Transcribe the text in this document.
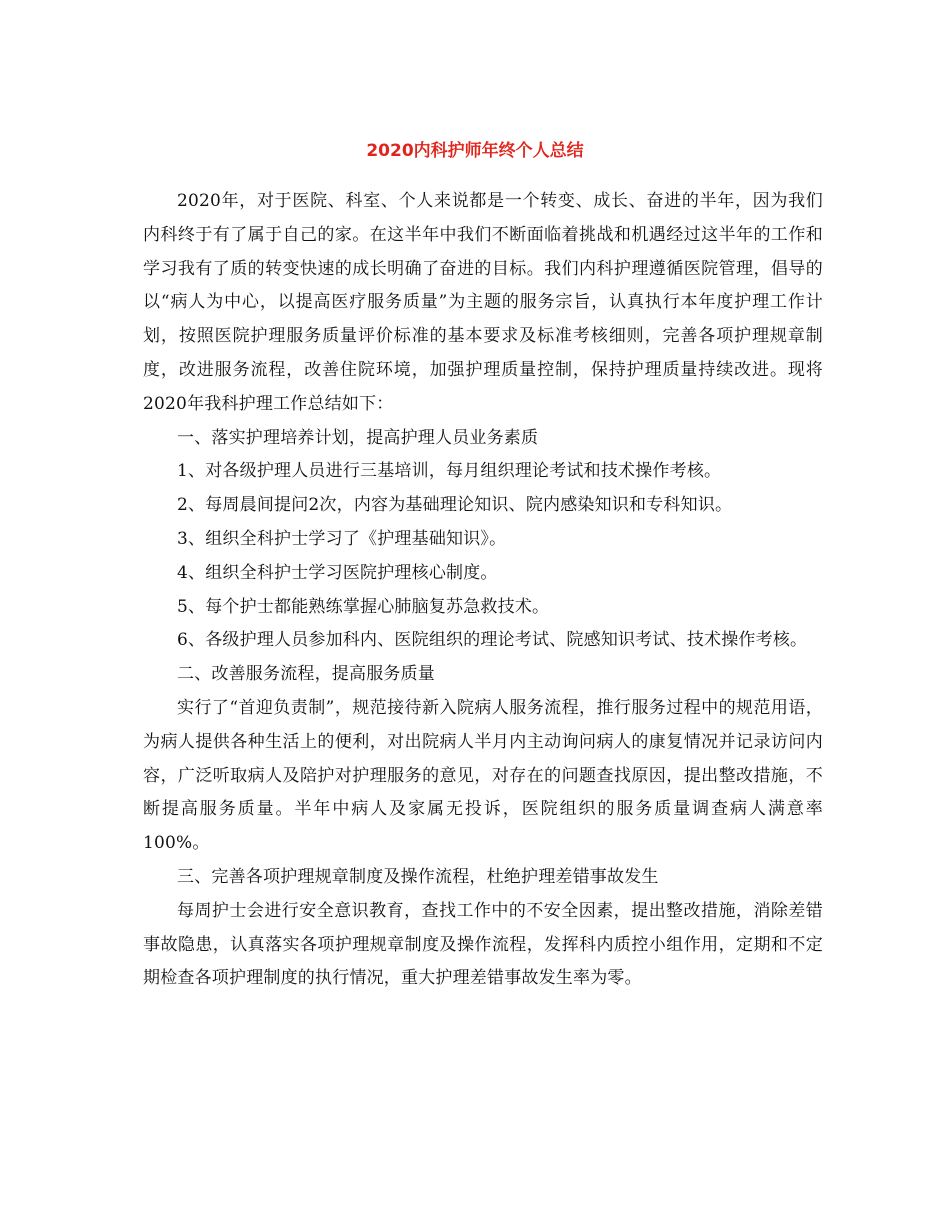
2020内科护师年终个人总结

2020年，对于医院、科室、个人来说都是一个转变、成长、奋进的半年，因为我们内科终于有了属于自己的家。在这半年中我们不断面临着挑战和机遇经过这半年的工作和学习我有了质的转变快速的成长明确了奋进的目标。我们内科护理遵循医院管理，倡导的以“病人为中心，以提高医疗服务质量”为主题的服务宗旨，认真执行本年度护理工作计划，按照医院护理服务质量评价标准的基本要求及标准考核细则，完善各项护理规章制度，改进服务流程，改善住院环境，加强护理质量控制，保持护理质量持续改进。现将2020年我科护理工作总结如下：

一、落实护理培养计划，提高护理人员业务素质

1、对各级护理人员进行三基培训，每月组织理论考试和技术操作考核。

2、每周晨间提问2次，内容为基础理论知识、院内感染知识和专科知识。

3、组织全科护士学习了《护理基础知识》。

4、组织全科护士学习医院护理核心制度。

5、每个护士都能熟练掌握心肺脑复苏急救技术。

6、各级护理人员参加科内、医院组织的理论考试、院感知识考试、技术操作考核。

二、改善服务流程，提高服务质量

实行了“首迎负责制”，规范接待新入院病人服务流程，推行服务过程中的规范用语，为病人提供各种生活上的便利，对出院病人半月内主动询问病人的康复情况并记录访问内容，广泛听取病人及陪护对护理服务的意见，对存在的问题查找原因，提出整改措施，不断提高服务质量。半年中病人及家属无投诉，医院组织的服务质量调查病人满意率100%。

三、完善各项护理规章制度及操作流程，杜绝护理差错事故发生

每周护士会进行安全意识教育，查找工作中的不安全因素，提出整改措施，消除差错事故隐患，认真落实各项护理规章制度及操作流程，发挥科内质控小组作用，定期和不定期检查各项护理制度的执行情况，重大护理差错事故发生率为零。
